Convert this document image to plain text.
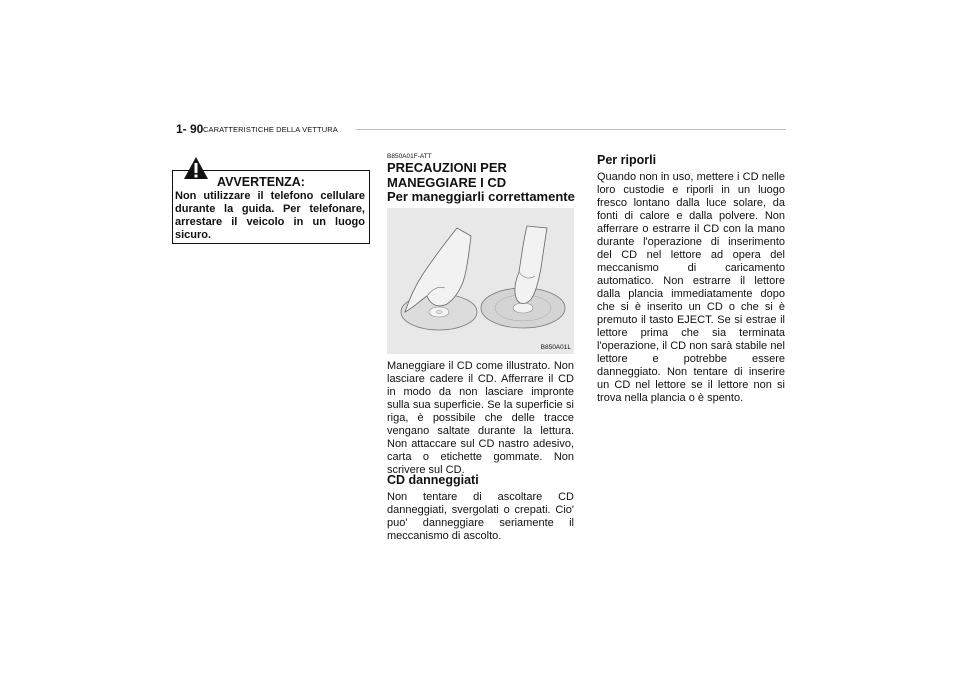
1- 90 CARATTERISTICHE DELLA VETTURA
AVVERTENZA:
Non utilizzare il telefono cellulare durante la guida. Per telefonare, arrestare il veicolo in un luogo sicuro.
B850A01F-ATT
PRECAUZIONI PER
MANEGGIARE I CD
Per maneggiarli correttamente
B850A01L
Maneggiare il CD come illustrato. Non lasciare cadere il CD. Afferrare il CD in modo da non lasciare impronte sulla sua superficie. Se la superficie si riga, è possibile che delle tracce vengano saltate durante la lettura. Non attaccare sul CD nastro adesivo, carta o etichette gommate. Non scrivere sul CD.
CD danneggiati
Non tentare di ascoltare CD danneggiati, svergolati o crepati. Cio' puo' danneggiare seriamente il meccanismo di ascolto.
Per riporli
Quando non in uso, mettere i CD nelle loro custodie e riporli in un luogo fresco lontano dalla luce solare, da fonti di calore e dalla polvere. Non afferrare o estrarre il CD con la mano durante l'operazione di inserimento del CD nel lettore ad opera del meccanismo di caricamento automatico. Non estrarre il lettore dalla plancia immediatamente dopo che si è inserito un CD o che si è premuto il tasto EJECT. Se si estrae il lettore prima che sia terminata l'operazione, il CD non sarà stabile nel lettore e potrebbe essere danneggiato. Non tentare di inserire un CD nel lettore se il lettore non si trova nella plancia o è spento.
